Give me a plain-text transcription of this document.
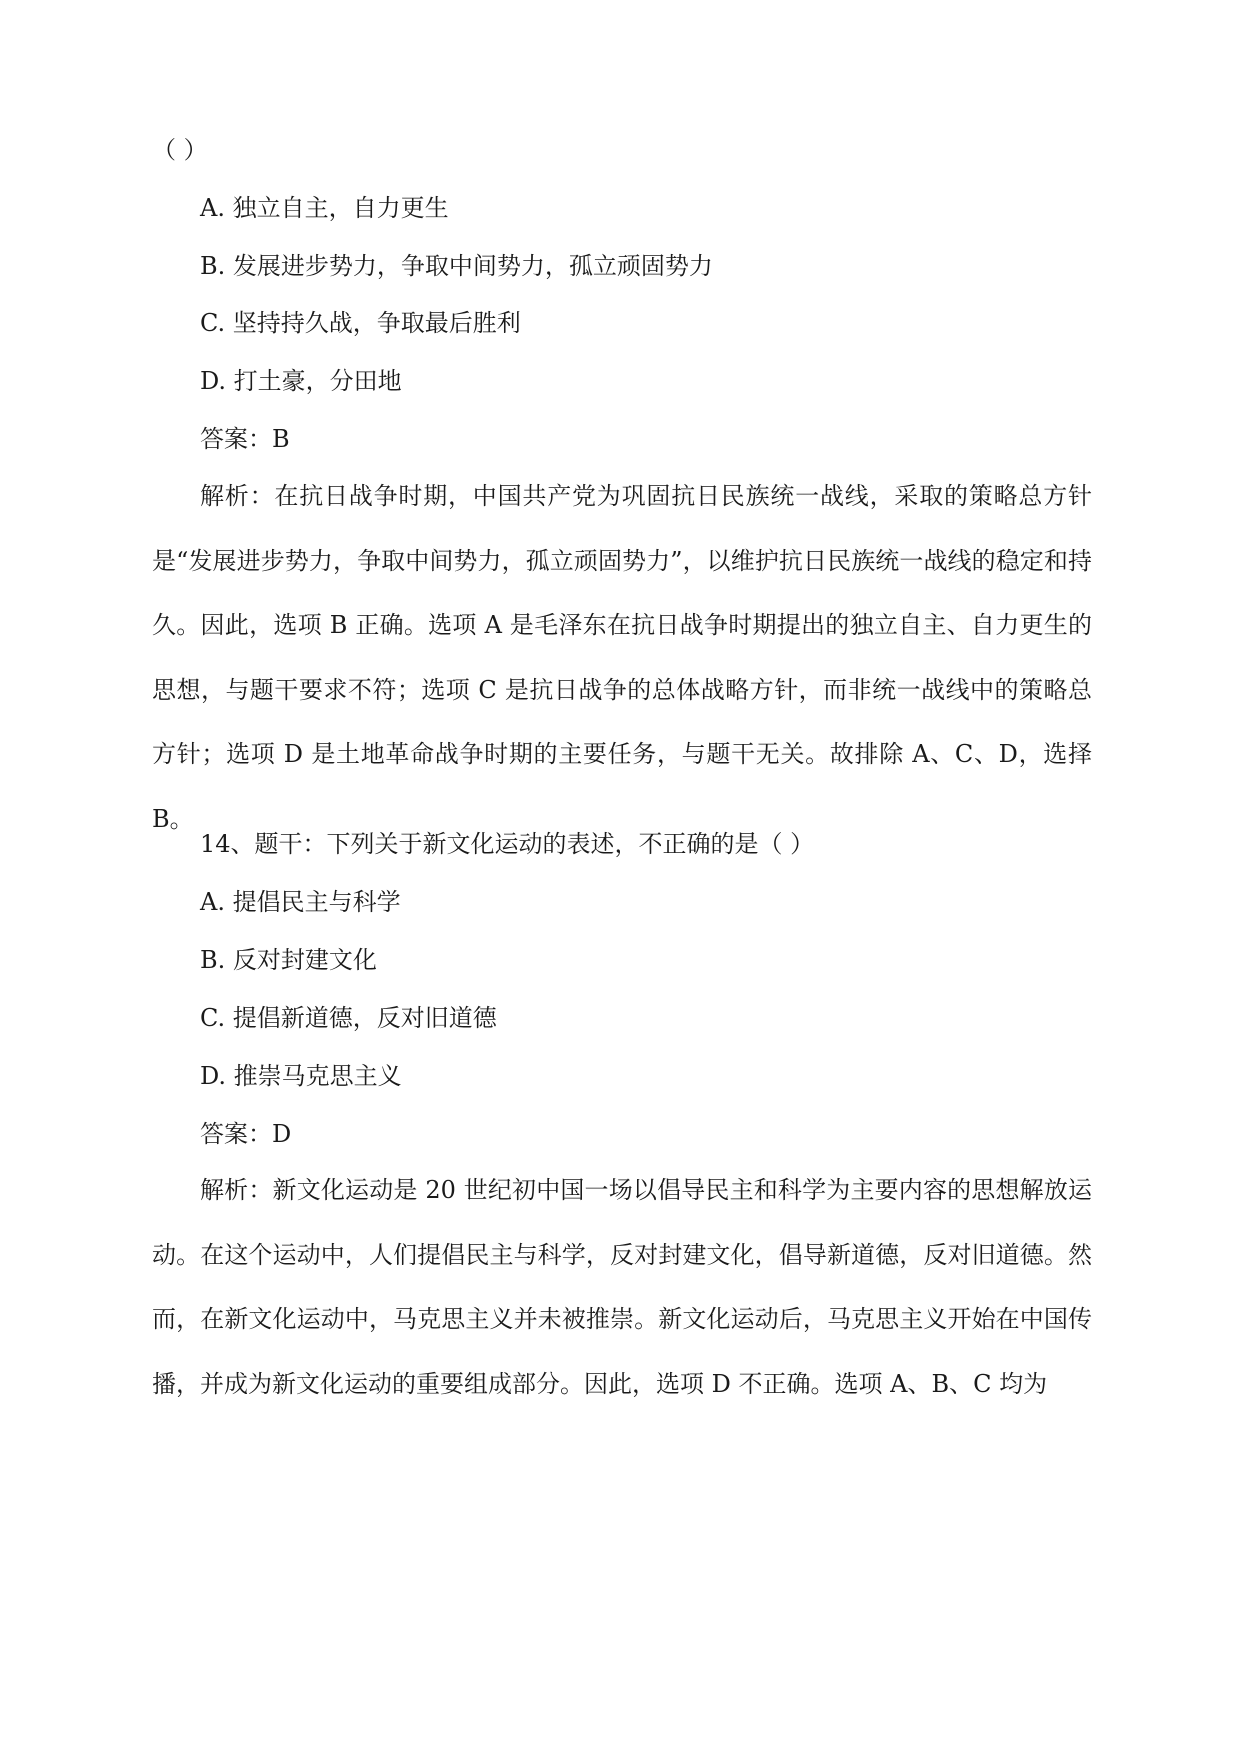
（ ）
A. 独立自主，自力更生
B. 发展进步势力，争取中间势力，孤立顽固势力
C. 坚持持久战，争取最后胜利
D. 打土豪，分田地
答案：B
解析：在抗日战争时期，中国共产党为巩固抗日民族统一战线，采取的策略总方针是“发展进步势力，争取中间势力，孤立顽固势力”，以维护抗日民族统一战线的稳定和持久。因此，选项 B 正确。选项 A 是毛泽东在抗日战争时期提出的独立自主、自力更生的思想，与题干要求不符；选项 C 是抗日战争的总体战略方针，而非统一战线中的策略总方针；选项 D 是土地革命战争时期的主要任务，与题干无关。故排除 A、C、D，选择 B。
14、题干：下列关于新文化运动的表述，不正确的是（ ）
A. 提倡民主与科学
B. 反对封建文化
C. 提倡新道德，反对旧道德
D. 推崇马克思主义
答案：D
解析：新文化运动是 20 世纪初中国一场以倡导民主和科学为主要内容的思想解放运动。在这个运动中，人们提倡民主与科学，反对封建文化，倡导新道德，反对旧道德。然而，在新文化运动中，马克思主义并未被推崇。新文化运动后，马克思主义开始在中国传播，并成为新文化运动的重要组成部分。因此，选项 D 不正确。选项 A、B、C 均为
